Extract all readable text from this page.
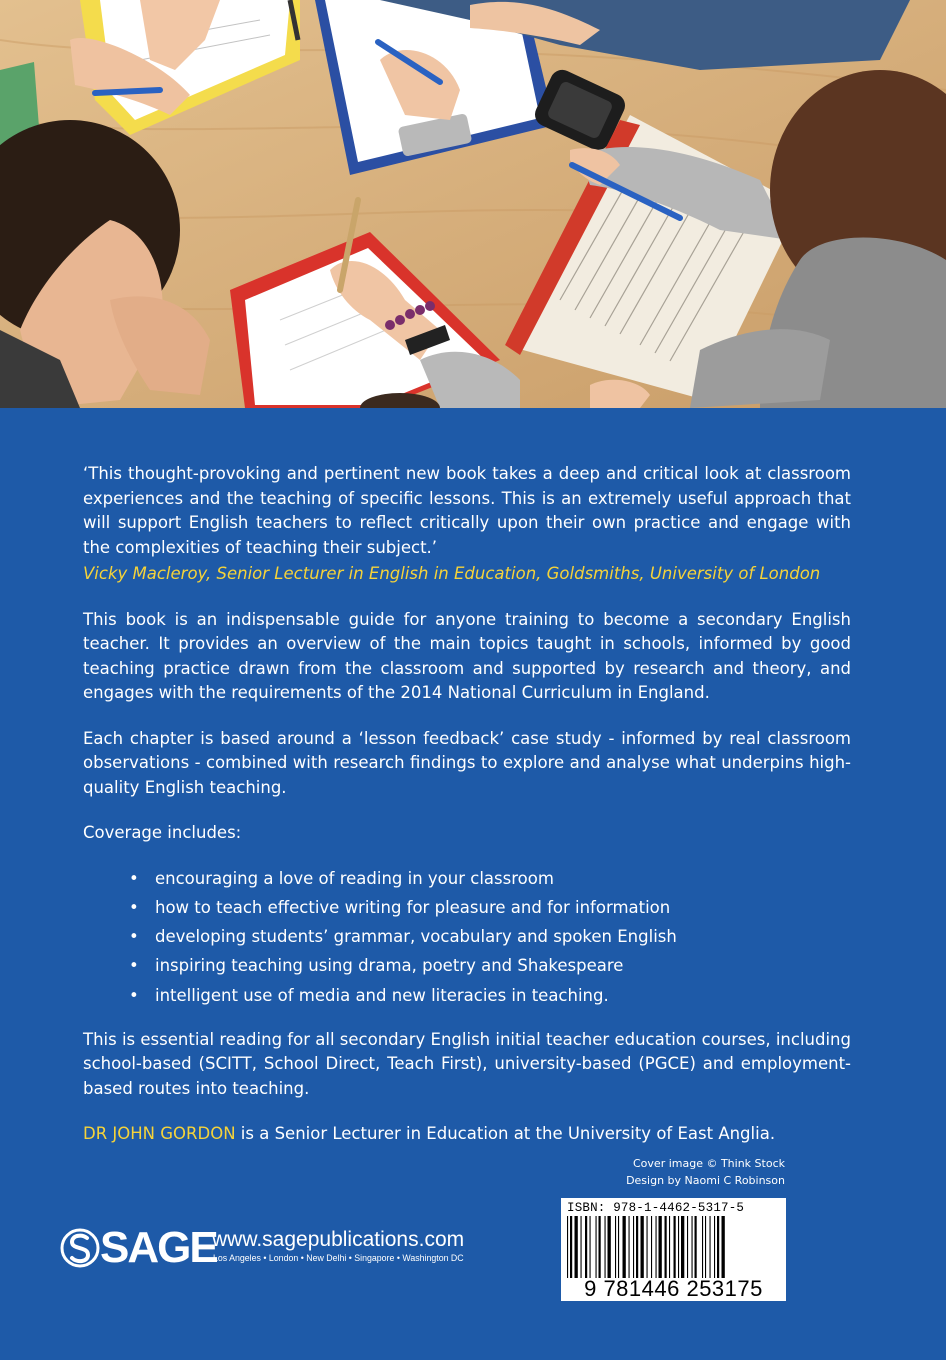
‘This thought-provoking and pertinent new book takes a deep and critical look at classroom experiences and the teaching of specific lessons. This is an extremely useful approach that will support English teachers to reflect critically upon their own practice and engage with the complexities of teaching their subject.’

Vicky Macleroy, Senior Lecturer in English in Education, Goldsmiths, University of London

This book is an indispensable guide for anyone training to become a secondary English teacher. It provides an overview of the main topics taught in schools, informed by good teaching practice drawn from the classroom and supported by research and theory, and engages with the requirements of the 2014 National Curriculum in England.

Each chapter is based around a ‘lesson feedback’ case study - informed by real classroom observations - combined with research findings to explore and analyse what underpins high-quality English teaching.

Coverage includes:

• encouraging a love of reading in your classroom
• how to teach effective writing for pleasure and for information
• developing students’ grammar, vocabulary and spoken English
• inspiring teaching using drama, poetry and Shakespeare
• intelligent use of media and new literacies in teaching.

This is essential reading for all secondary English initial teacher education courses, including school-based (SCITT, School Direct, Teach First), university-based (PGCE) and employment-based routes into teaching.

DR JOHN GORDON is a Senior Lecturer in Education at the University of East Anglia.

Cover image © Think Stock
Design by Naomi C Robinson
SAGE
www.sagepublications.com
Los Angeles • London • New Delhi • Singapore • Washington DC
ISBN: 978-1-4462-5317-5
9 781446 253175
